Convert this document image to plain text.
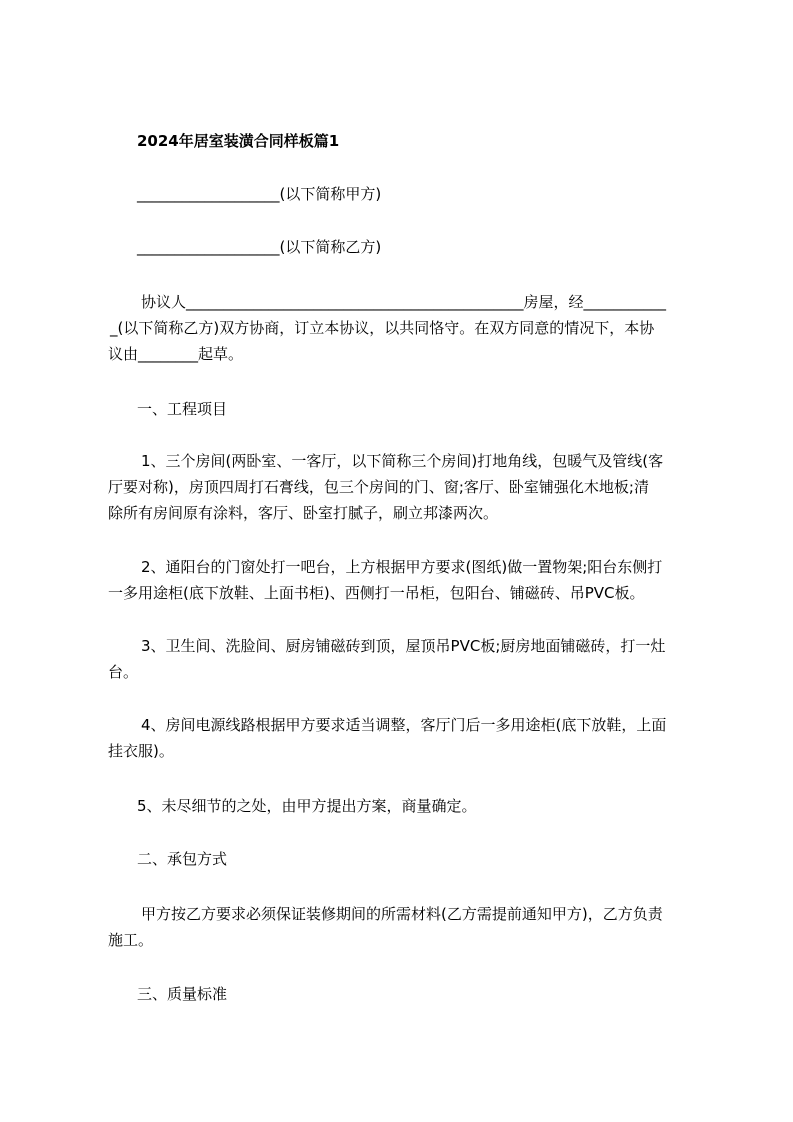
2024年居室装潢合同样板篇1
___________________(以下简称甲方)
___________________(以下简称乙方)
协议人_____________________________________________房屋，经___________
_(以下简称乙方)双方协商，订立本协议，以共同恪守。在双方同意的情况下，本协
议由________起草。
一、工程项目
1、三个房间(两卧室、一客厅，以下简称三个房间)打地角线，包暖气及管线(客
厅要对称)，房顶四周打石膏线，包三个房间的门、窗;客厅、卧室铺强化木地板;清
除所有房间原有涂料，客厅、卧室打腻子，刷立邦漆两次。
2、通阳台的门窗处打一吧台，上方根据甲方要求(图纸)做一置物架;阳台东侧打
一多用途柜(底下放鞋、上面书柜)、西侧打一吊柜，包阳台、铺磁砖、吊PVC板。
3、卫生间、洗脸间、厨房铺磁砖到顶，屋顶吊PVC板;厨房地面铺磁砖，打一灶
台。
4、房间电源线路根据甲方要求适当调整，客厅门后一多用途柜(底下放鞋，上面
挂衣服)。
5、未尽细节的之处，由甲方提出方案，商量确定。
二、承包方式
甲方按乙方要求必须保证装修期间的所需材料(乙方需提前通知甲方)，乙方负责
施工。
三、质量标准
